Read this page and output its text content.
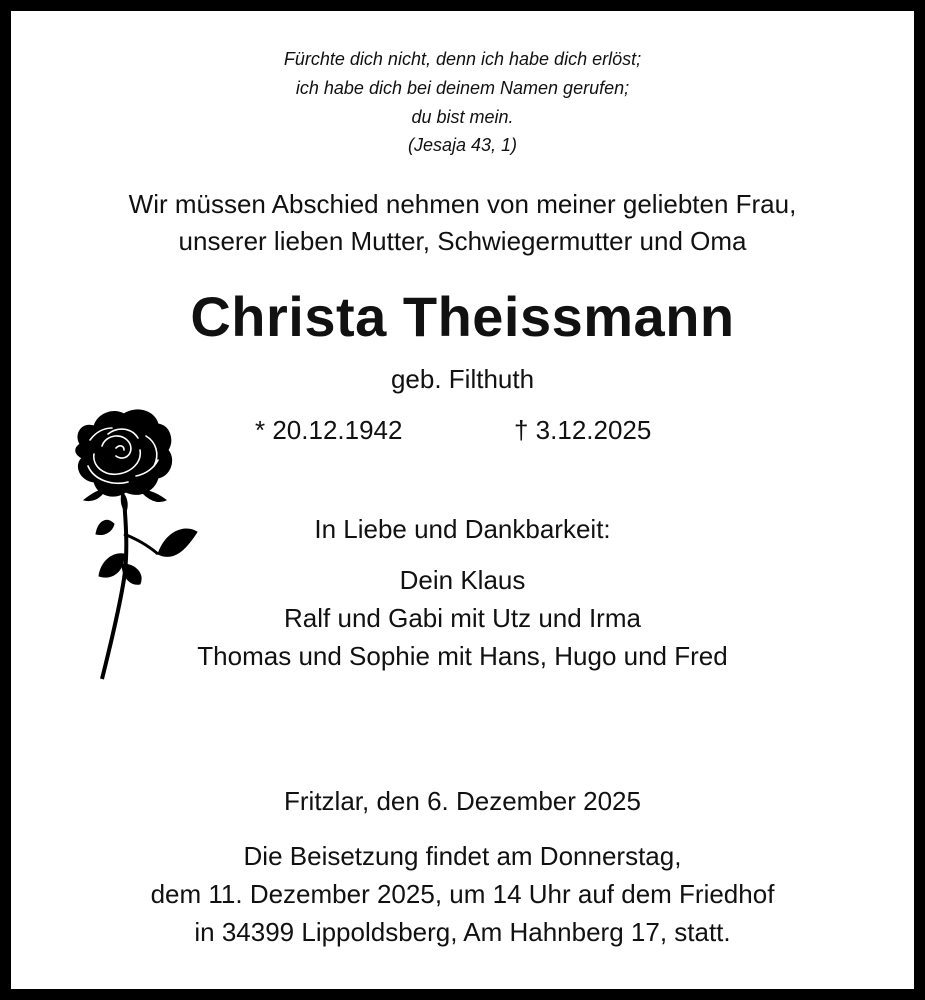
Fürchte dich nicht, denn ich habe dich erlöst;
ich habe dich bei deinem Namen gerufen;
du bist mein.
(Jesaja 43, 1)
Wir müssen Abschied nehmen von meiner geliebten Frau,
unserer lieben Mutter, Schwiegermutter und Oma
Christa Theissmann
geb. Filthuth
* 20.12.1942	† 3.12.2025
In Liebe und Dankbarkeit:
Dein Klaus
Ralf und Gabi mit Utz und Irma
Thomas und Sophie mit Hans, Hugo und Fred
Fritzlar, den 6. Dezember 2025
Die Beisetzung findet am Donnerstag,
dem 11. Dezember 2025, um 14 Uhr auf dem Friedhof
in 34399 Lippoldsberg, Am Hahnberg 17, statt.
